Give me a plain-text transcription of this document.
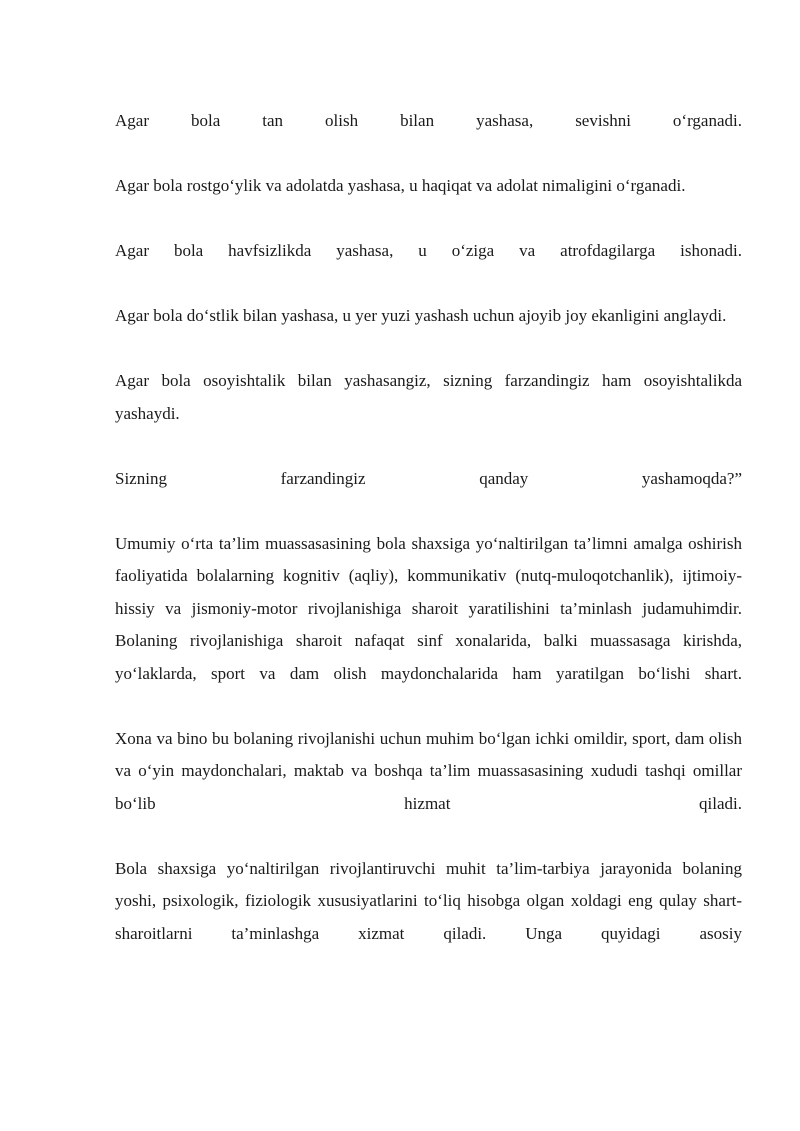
Agar bola tan olish bilan yashasa, sevishni o‘rganadi.

Agar bola rostgo‘ylik va adolatda yashasa, u haqiqat va adolat nimaligini o‘rganadi.

Agar bola havfsizlikda yashasa, u o‘ziga va atrofdagilarga ishonadi.

Agar bola do‘stlik bilan yashasa, u yer yuzi yashash uchun ajoyib joy ekanligini anglaydi.

Agar bola osoyishtalik bilan yashasangiz, sizning farzandingiz ham osoyishtalikda yashaydi.

Sizning farzandingiz qanday yashamoqda?”

Umumiy o‘rta ta’lim muassasasining bola shaxsiga yo‘naltirilgan ta’limni amalga oshirish faoliyatida bolalarning kognitiv (aqliy), kommunikativ (nutq-muloqotchanlik), ijtimoiy-hissiy va jismoniy-motor rivojlanishiga sharoit yaratilishini ta’minlash judamuhimdir. Bolaning rivojlanishiga sharoit nafaqat sinf xonalarida, balki muassasaga kirishda, yo‘laklarda, sport va dam olish maydonchalarida ham yaratilgan bo‘lishi shart.

Xona va bino bu bolaning rivojlanishi uchun muhim bo‘lgan ichki omildir, sport, dam olish va o‘yin maydonchalari, maktab va boshqa ta’lim muassasasining xududi tashqi omillar bo‘lib hizmat qiladi.

Bola shaxsiga yo‘naltirilgan rivojlantiruvchi muhit ta’lim-tarbiya jarayonida bolaning yoshi, psixologik, fiziologik xususiyatlarini to‘liq hisobga olgan xoldagi eng qulay shart-sharoitlarni ta’minlashga xizmat qiladi. Unga quyidagi asosiy
